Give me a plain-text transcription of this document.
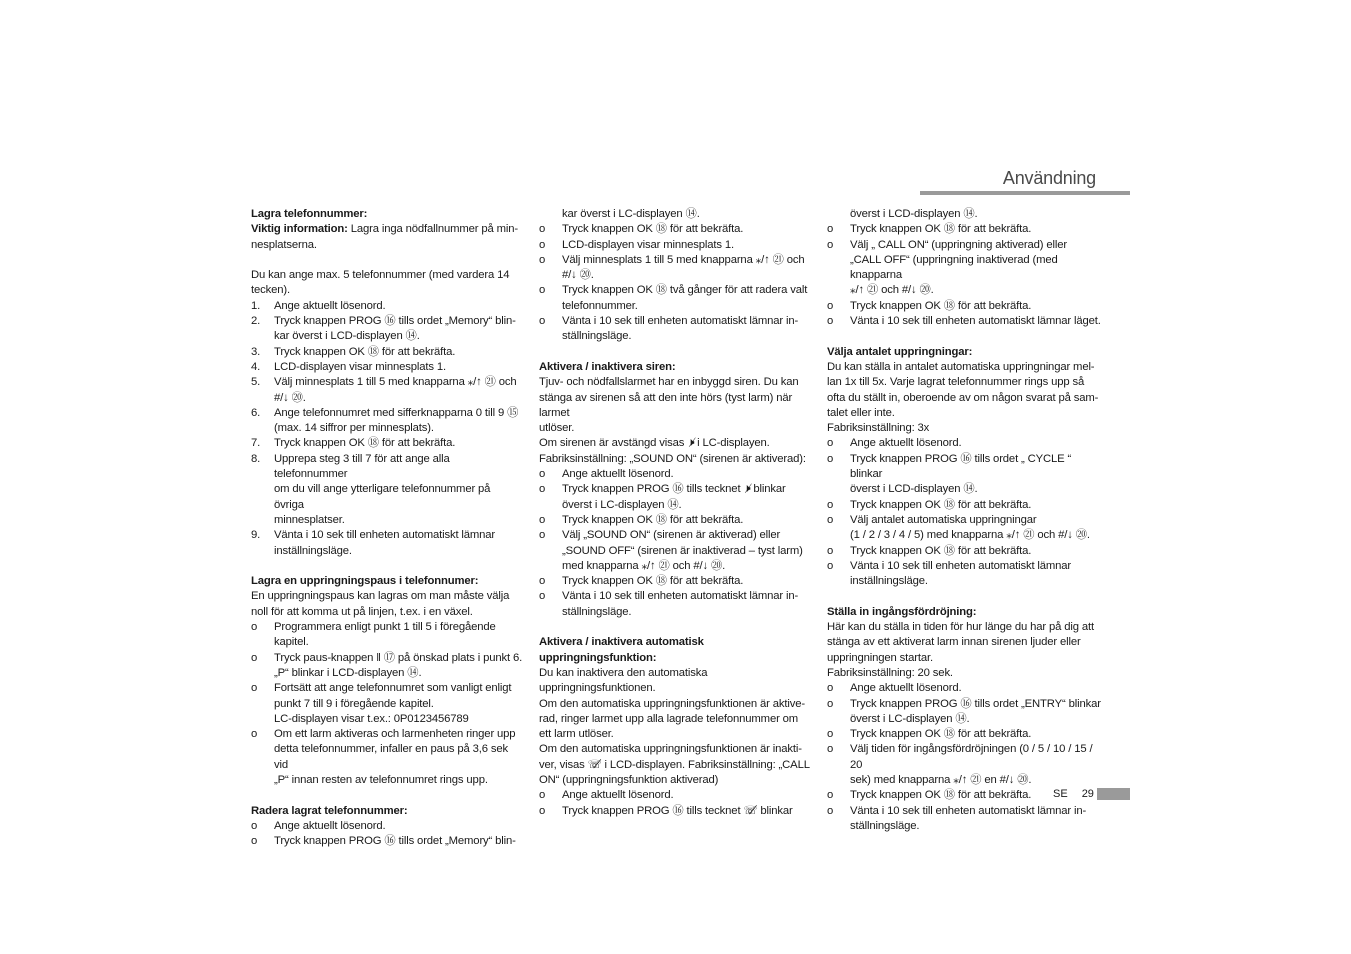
Användning

Lagra telefonnummer:

Viktig information: Lagra inga nödfallnummer på min-

nesplatserna.

Du kan ange max. 5 telefonnummer (med vardera 14

tecken).

1.	Ange aktuellt lösenord.
2.	Tryck knappen PROG ⑯ tills ordet „Memory“ blin-
kar överst i LCD-displayen ⑭.
3.	Tryck knappen OK ⑱ för att bekräfta.
4.	LCD-displayen visar minnesplats 1.
5.	Välj minnesplats 1 till 5 med knapparna ⁎/↑ ㉑ och
#/↓ ⑳.
6.	Ange telefonnumret med sifferknapparna 0 till 9 ⑮
(max. 14 siffror per minnesplats).
7.	Tryck knappen OK ⑱ för att bekräfta.
8.	Upprepa steg 3 till 7 för att ange alla telefonnummer
om du vill ange ytterligare telefonnummer på övriga
minnesplatser.
9.	Vänta i 10 sek till enheten automatiskt lämnar
inställningsläge.

Lagra en uppringningspaus i telefonnumer:

En uppringningspaus kan lagras om man måste välja

noll för att komma ut på linjen, t.ex. i en växel.

o	Programmera enligt punkt 1 till 5 i föregående kapitel.
o	Tryck paus-knappen ‖ ⑰ på önskad plats i punkt 6.
„P“ blinkar i LCD-displayen ⑭.
o	Fortsätt att ange telefonnumret som vanligt enligt
punkt 7 till 9 i föregående kapitel.
LC-displayen visar t.ex.: 0P0123456789
o	Om ett larm aktiveras och larmenheten ringer upp
detta telefonnummer, infaller en paus på 3,6 sek vid
„P“ innan resten av telefonnumret rings upp.

Radera lagrat telefonnummer:

o	Ange aktuellt lösenord.
o	Tryck knappen PROG ⑯ tills ordet „Memory“ blin-
kar överst i LC-displayen ⑭.
o	Tryck knappen OK ⑱ för att bekräfta.
o	LCD-displayen visar minnesplats 1.
o	Välj minnesplats 1 till 5 med knapparna ⁎/↑ ㉑ och
#/↓ ⑳.
o	Tryck knappen OK ⑱ två gånger för att radera valt
telefonnummer.
o	Vänta i 10 sek till enheten automatiskt lämnar in-
ställningsläge.

Aktivera / inaktivera siren:

Tjuv- och nödfallslarmet har en inbyggd siren. Du kan

stänga av sirenen så att den inte hörs (tyst larm) när larmet

utlöser.

Om sirenen är avstängd visas 🕨̸ i LC-displayen.

Fabriksinställning: „SOUND ON“ (sirenen är aktiverad):

o	Ange aktuellt lösenord.
o	Tryck knappen PROG ⑯ tills tecknet 🕨̸ blinkar
överst i LC-displayen ⑭.
o	Tryck knappen OK ⑱ för att bekräfta.
o	Välj „SOUND ON“ (sirenen är aktiverad) eller
„SOUND OFF“ (sirenen är inaktiverad – tyst larm)
med knapparna ⁎/↑ ㉑ och #/↓ ⑳.
o	Tryck knappen OK ⑱ för att bekräfta.
o	Vänta i 10 sek till enheten automatiskt lämnar in-
ställningsläge.

Aktivera / inaktivera automatisk

uppringningsfunktion:

Du kan inaktivera den automatiska uppringningsfunktionen.

Om den automatiska uppringningsfunktionen är aktive-

rad, ringer larmet upp alla lagrade telefonnummer om

ett larm utlöser.

Om den automatiska uppringningsfunktionen är inakti-

ver, visas ☏̸ i LCD-displayen. Fabriksinställning: „CALL

ON“ (uppringningsfunktion aktiverad)

o	Ange aktuellt lösenord.
o	Tryck knappen PROG ⑯ tills tecknet ☏̸ blinkar
överst i LCD-displayen ⑭.
o	Tryck knappen OK ⑱ för att bekräfta.
o	Välj „ CALL ON“ (uppringning aktiverad) eller
„CALL OFF“ (uppringning inaktiverad (med knapparna
⁎/↑ ㉑ och #/↓ ⑳.
o	Tryck knappen OK ⑱ för att bekräfta.
o	Vänta i 10 sek till enheten automatiskt lämnar läget.

Välja antalet uppringningar:

Du kan ställa in antalet automatiska uppringningar mel-

lan 1x till 5x. Varje lagrat telefonnummer rings upp så

ofta du ställt in, oberoende av om någon svarat på sam-

talet eller inte.

Fabriksinställning: 3x

o	Ange aktuellt lösenord.
o	Tryck knappen PROG ⑯ tills ordet „ CYCLE “ blinkar
överst i LCD-displayen ⑭.
o	Tryck knappen OK ⑱ för att bekräfta.
o	Välj antalet automatiska uppringningar
(1 / 2 / 3 / 4 / 5) med knapparna ⁎/↑ ㉑ och #/↓ ⑳.
o	Tryck knappen OK ⑱ för att bekräfta.
o	Vänta i 10 sek till enheten automatiskt lämnar
inställningsläge.

Ställa in ingångsfördröjning:

Här kan du ställa in tiden för hur länge du har på dig att

stänga av ett aktiverat larm innan sirenen ljuder eller

uppringningen startar.

Fabriksinställning: 20 sek.

o	Ange aktuellt lösenord.
o	Tryck knappen PROG ⑯ tills ordet „ENTRY“ blinkar
överst i LC-displayen ⑭.
o	Tryck knappen OK ⑱ för att bekräfta.
o	Välj tiden för ingångsfördröjningen (0 / 5 / 10 / 15 / 20
sek) med knapparna ⁎/↑ ㉑ en #/↓ ⑳.
o	Tryck knappen OK ⑱ för att bekräfta.
o	Vänta i 10 sek till enheten automatiskt lämnar in-
ställningsläge.
SE 29
